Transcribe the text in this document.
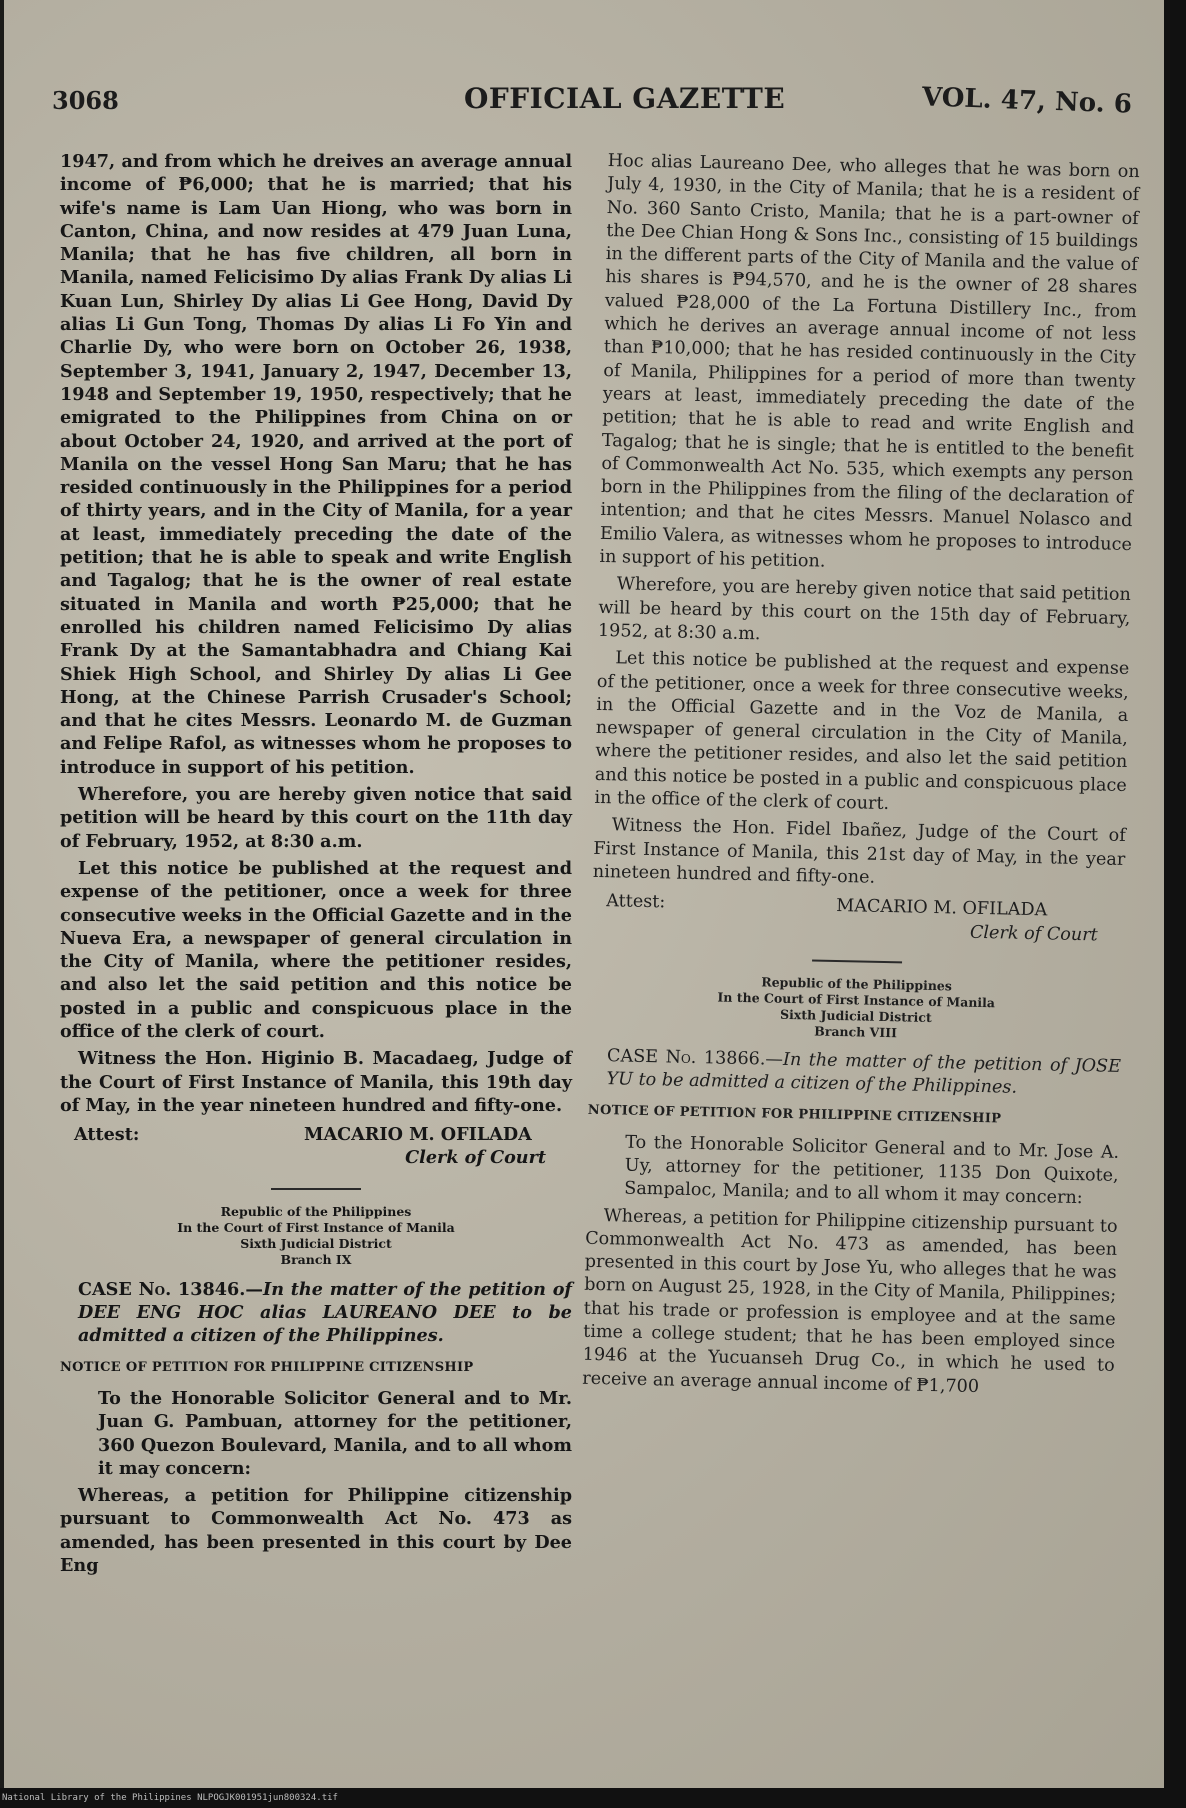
3068	OFFICIAL GAZETTE	VOL. 47, No. 6

1947, and from which he dreives an average annual income of ₱6,000; that he is married; that his wife's name is Lam Uan Hiong, who was born in Canton, China, and now resides at 479 Juan Luna, Manila; that he has five children, all born in Manila, named Felicisimo Dy alias Frank Dy alias Li Kuan Lun, Shirley Dy alias Li Gee Hong, David Dy alias Li Gun Tong, Thomas Dy alias Li Fo Yin and Charlie Dy, who were born on October 26, 1938, September 3, 1941, January 2, 1947, December 13, 1948 and September 19, 1950, respectively; that he emigrated to the Philippines from China on or about October 24, 1920, and arrived at the port of Manila on the vessel Hong San Maru; that he has resided continuously in the Philippines for a period of thirty years, and in the City of Manila, for a year at least, immediately preceding the date of the petition; that he is able to speak and write English and Tagalog; that he is the owner of real estate situated in Manila and worth ₱25,000; that he enrolled his children named Felicisimo Dy alias Frank Dy at the Samantabhadra and Chiang Kai Shiek High School, and Shirley Dy alias Li Gee Hong, at the Chinese Parrish Crusader's School; and that he cites Messrs. Leonardo M. de Guzman and Felipe Rafol, as witnesses whom he proposes to introduce in support of his petition.

Wherefore, you are hereby given notice that said petition will be heard by this court on the 11th day of February, 1952, at 8:30 a.m.

Let this notice be published at the request and expense of the petitioner, once a week for three consecutive weeks in the Official Gazette and in the Nueva Era, a newspaper of general circulation in the City of Manila, where the petitioner resides, and also let the said petition and this notice be posted in a public and conspicuous place in the office of the clerk of court.

Witness the Hon. Higinio B. Macadaeg, Judge of the Court of First Instance of Manila, this 19th day of May, in the year nineteen hundred and fifty-one.

Attest:	MACARIO M. OFILADA
Clerk of Court
Republic of the Philippines
In the Court of First Instance of Manila
Sixth Judicial District
Branch IX

CASE No. 13846.—In the matter of the petition of DEE ENG HOC alias LAUREANO DEE to be admitted a citizen of the Philippines.

NOTICE OF PETITION FOR PHILIPPINE CITIZENSHIP

To the Honorable Solicitor General and to Mr. Juan G. Pambuan, attorney for the petitioner, 360 Quezon Boulevard, Manila, and to all whom it may concern:

Whereas, a petition for Philippine citizenship pursuant to Commonwealth Act No. 473 as amended, has been presented in this court by Dee Eng

Hoc alias Laureano Dee, who alleges that he was born on July 4, 1930, in the City of Manila; that he is a resident of No. 360 Santo Cristo, Manila; that he is a part-owner of the Dee Chian Hong & Sons Inc., consisting of 15 buildings in the different parts of the City of Manila and the value of his shares is ₱94,570, and he is the owner of 28 shares valued ₱28,000 of the La Fortuna Distillery Inc., from which he derives an average annual income of not less than ₱10,000; that he has resided continuously in the City of Manila, Philippines for a period of more than twenty years at least, immediately preceding the date of the petition; that he is able to read and write English and Tagalog; that he is single; that he is entitled to the benefit of Commonwealth Act No. 535, which exempts any person born in the Philippines from the filing of the declaration of intention; and that he cites Messrs. Manuel Nolasco and Emilio Valera, as witnesses whom he proposes to introduce in support of his petition.

Wherefore, you are hereby given notice that said petition will be heard by this court on the 15th day of February, 1952, at 8:30 a.m.

Let this notice be published at the request and expense of the petitioner, once a week for three consecutive weeks, in the Official Gazette and in the Voz de Manila, a newspaper of general circulation in the City of Manila, where the petitioner resides, and also let the said petition and this notice be posted in a public and conspicuous place in the office of the clerk of court.

Witness the Hon. Fidel Ibañez, Judge of the Court of First Instance of Manila, this 21st day of May, in the year nineteen hundred and fifty-one.

Attest:	MACARIO M. OFILADA
Clerk of Court
Republic of the Philippines
In the Court of First Instance of Manila
Sixth Judicial District
Branch VIII

CASE No. 13866.—In the matter of the petition of JOSE YU to be admitted a citizen of the Philippines.

NOTICE OF PETITION FOR PHILIPPINE CITIZENSHIP

To the Honorable Solicitor General and to Mr. Jose A. Uy, attorney for the petitioner, 1135 Don Quixote, Sampaloc, Manila; and to all whom it may concern:

Whereas, a petition for Philippine citizenship pursuant to Commonwealth Act No. 473 as amended, has been presented in this court by Jose Yu, who alleges that he was born on August 25, 1928, in the City of Manila, Philippines; that his trade or profession is employee and at the same time a college student; that he has been employed since 1946 at the Yucuanseh Drug Co., in which he used to receive an average annual income of ₱1,700

National Library of the Philippines NLPOGJK001951jun800324.tif
